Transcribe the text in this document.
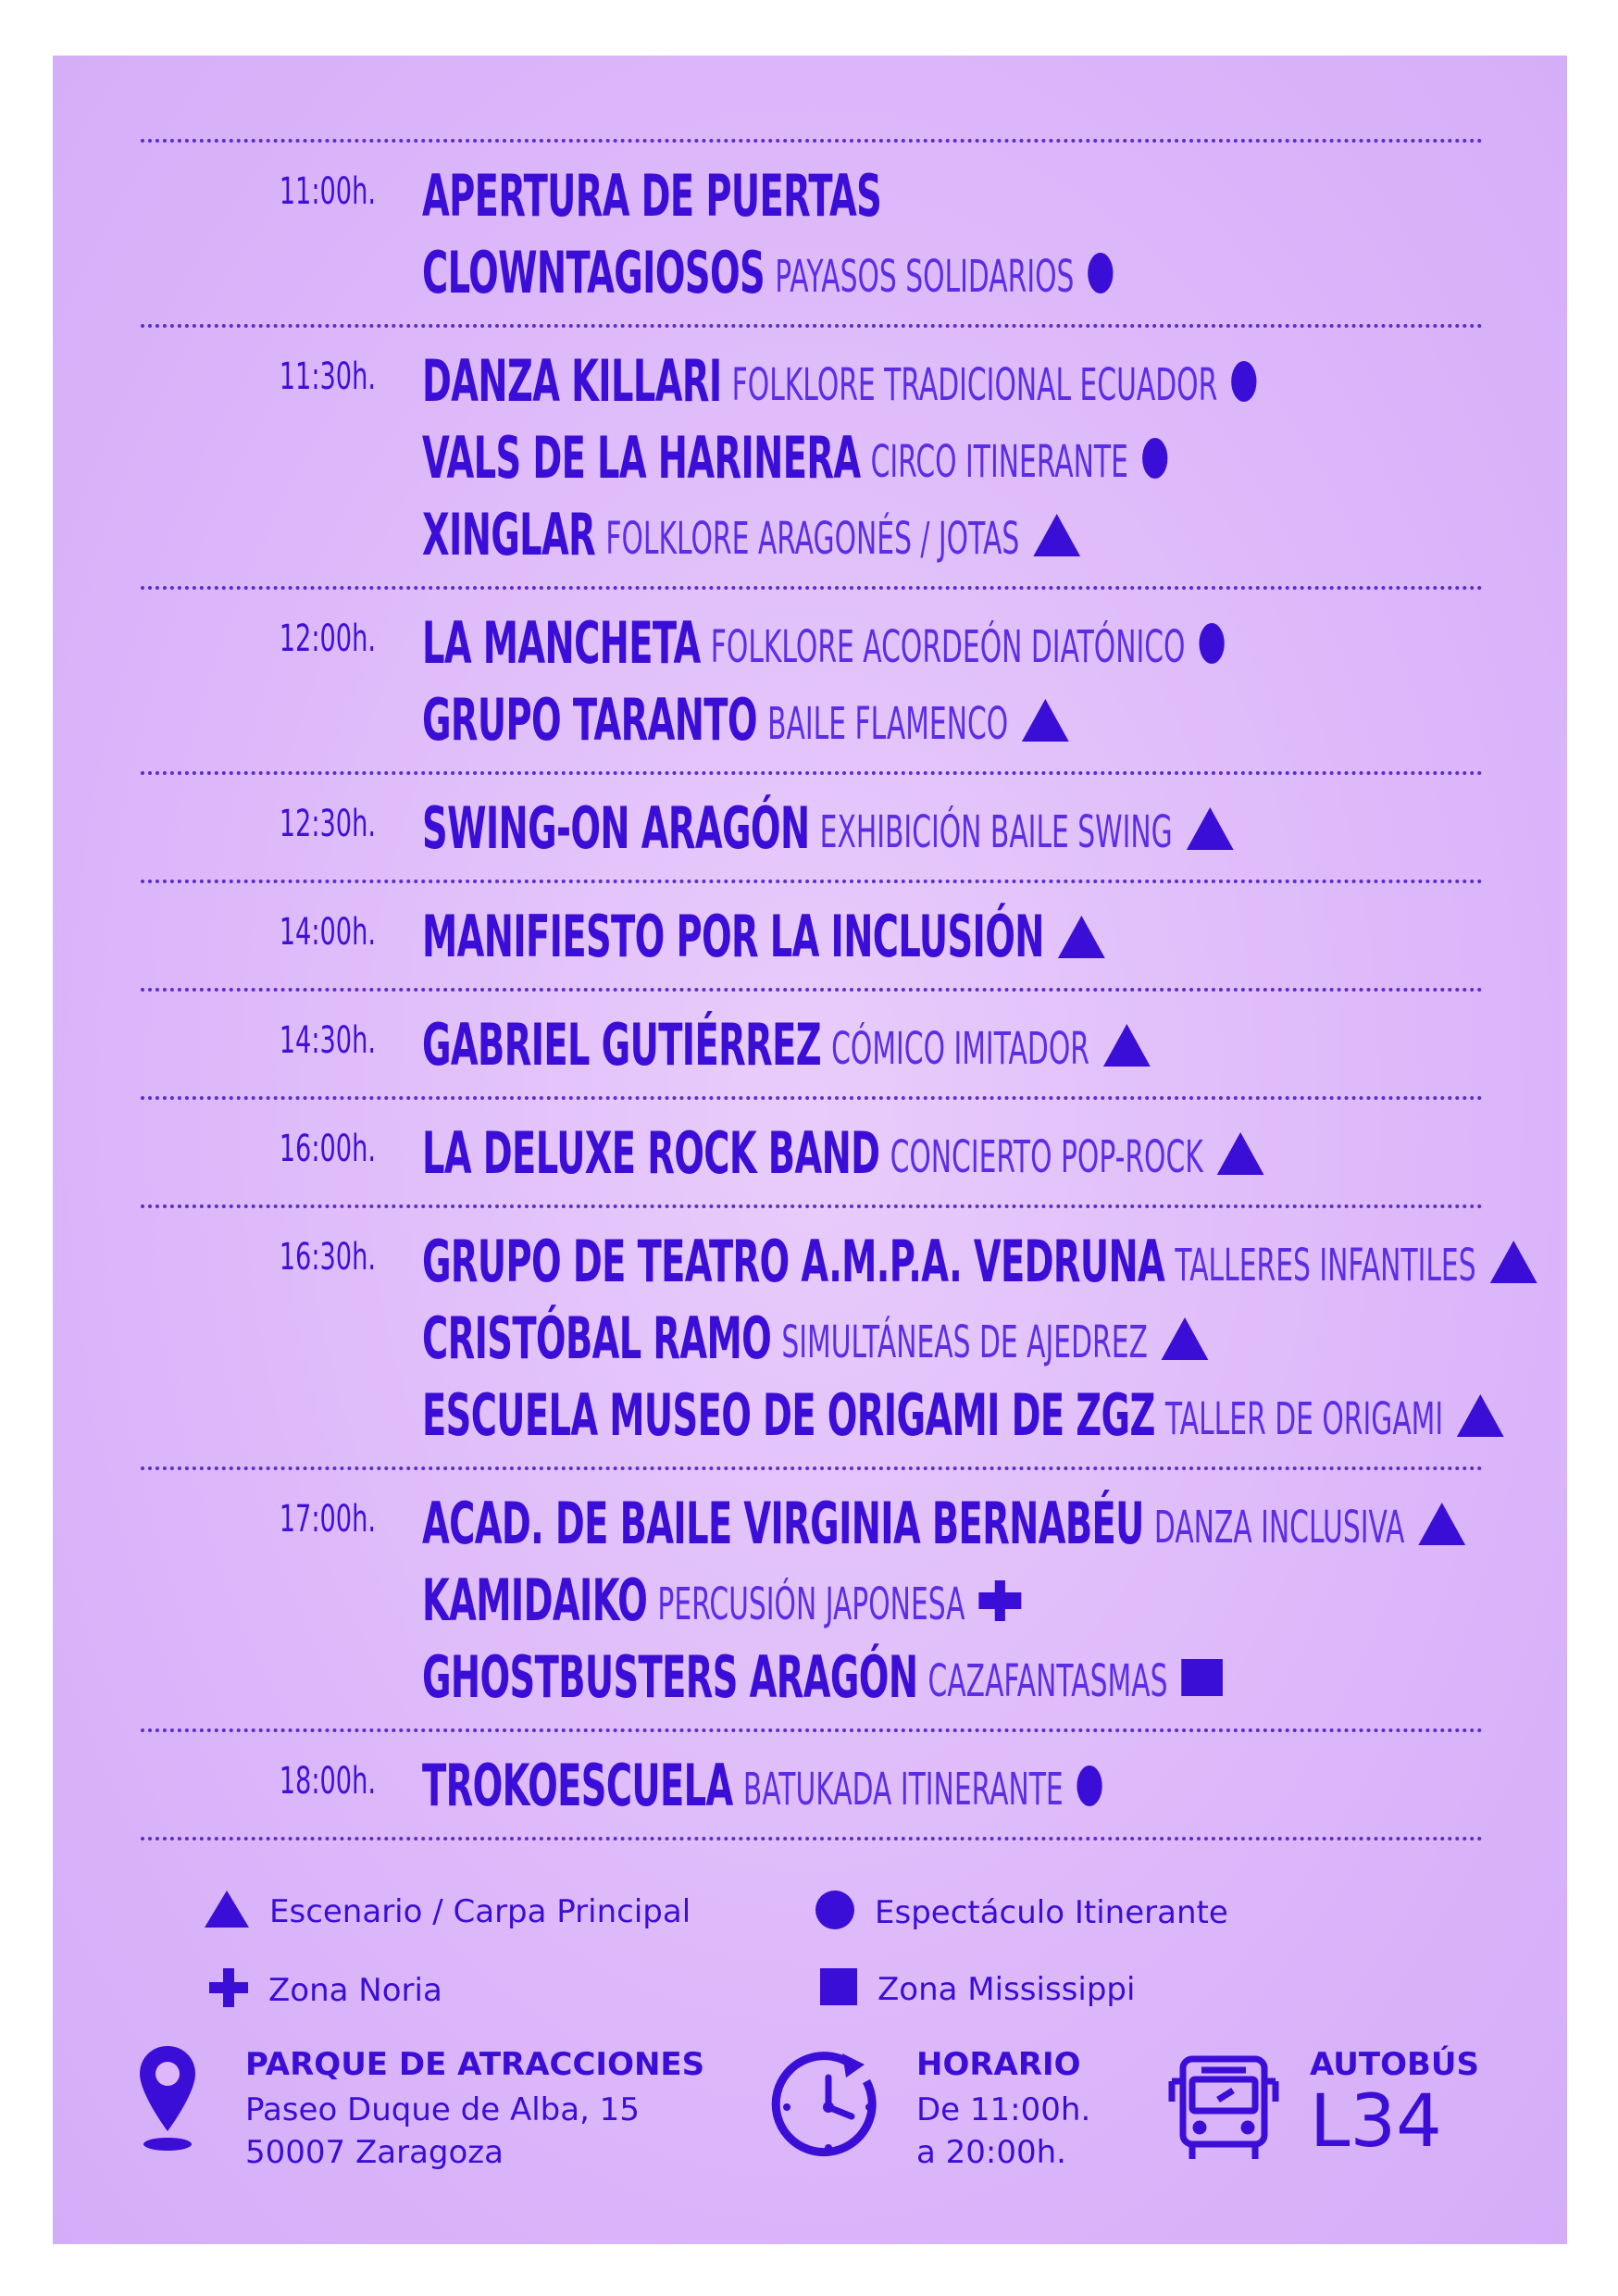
11:00h. APERTURA DE PUERTAS
CLOWNTAGIOSOS PAYASOS SOLIDARIOS
11:30h. DANZA KILLARI FOLKLORE TRADICIONAL ECUADOR
VALS DE LA HARINERA CIRCO ITINERANTE
XINGLAR FOLKLORE ARAGONÉS / JOTAS
12:00h. LA MANCHETA FOLKLORE ACORDEÓN DIATÓNICO
GRUPO TARANTO BAILE FLAMENCO
12:30h. SWING-ON ARAGÓN EXHIBICIÓN BAILE SWING
14:00h. MANIFIESTO POR LA INCLUSIÓN
14:30h. GABRIEL GUTIÉRREZ CÓMICO IMITADOR
16:00h. LA DELUXE ROCK BAND CONCIERTO POP-ROCK
16:30h. GRUPO DE TEATRO A.M.P.A. VEDRUNA TALLERES INFANTILES
CRISTÓBAL RAMO SIMULTÁNEAS DE AJEDREZ
ESCUELA MUSEO DE ORIGAMI DE ZGZ TALLER DE ORIGAMI
17:00h. ACAD. DE BAILE VIRGINIA BERNABÉU DANZA INCLUSIVA
KAMIDAIKO PERCUSIÓN JAPONESA
GHOSTBUSTERS ARAGÓN CAZAFANTASMAS
18:00h. TROKOESCUELA BATUKADA ITINERANTE
Escenario / Carpa Principal	Espectáculo Itinerante
Zona Noria	Zona Mississippi
PARQUE DE ATRACCIONES
Paseo Duque de Alba, 15
50007 Zaragoza
HORARIO
De 11:00h.
a 20:00h.
AUTOBÚS
L34
